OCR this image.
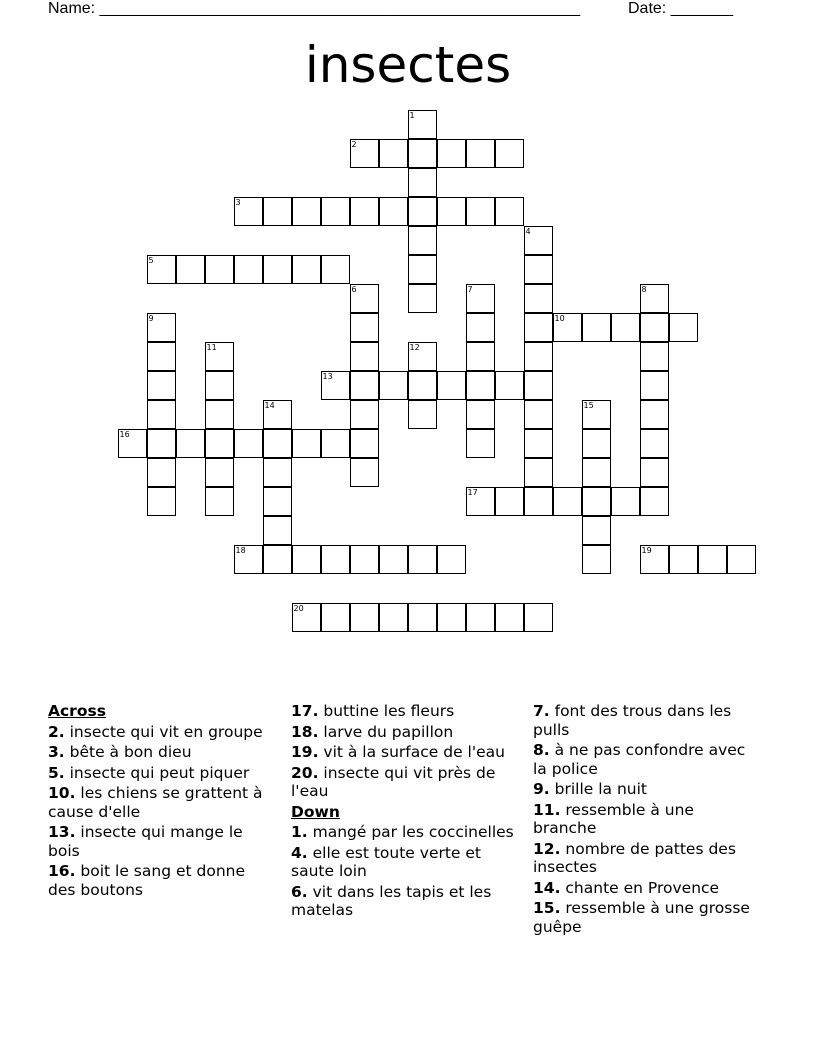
Name: ______________________________________________________	Date: _______
insectes
2
3
5
10
13
16
17
18	19
20
1
4
6	7	8
9
11	12
14	15
Across
2. insecte qui vit en groupe
3. bête à bon dieu
5. insecte qui peut piquer
10. les chiens se grattent à cause d'elle
13. insecte qui mange le bois
16. boit le sang et donne des boutons
17. buttine les fleurs
18. larve du papillon
19. vit à la surface de l'eau
20. insecte qui vit près de l'eau
Down
1. mangé par les coccinelles
4. elle est toute verte et saute loin
6. vit dans les tapis et les matelas
7. font des trous dans les pulls
8. à ne pas confondre avec la police
9. brille la nuit
11. ressemble à une branche
12. nombre de pattes des insectes
14. chante en Provence
15. ressemble à une grosse guêpe
